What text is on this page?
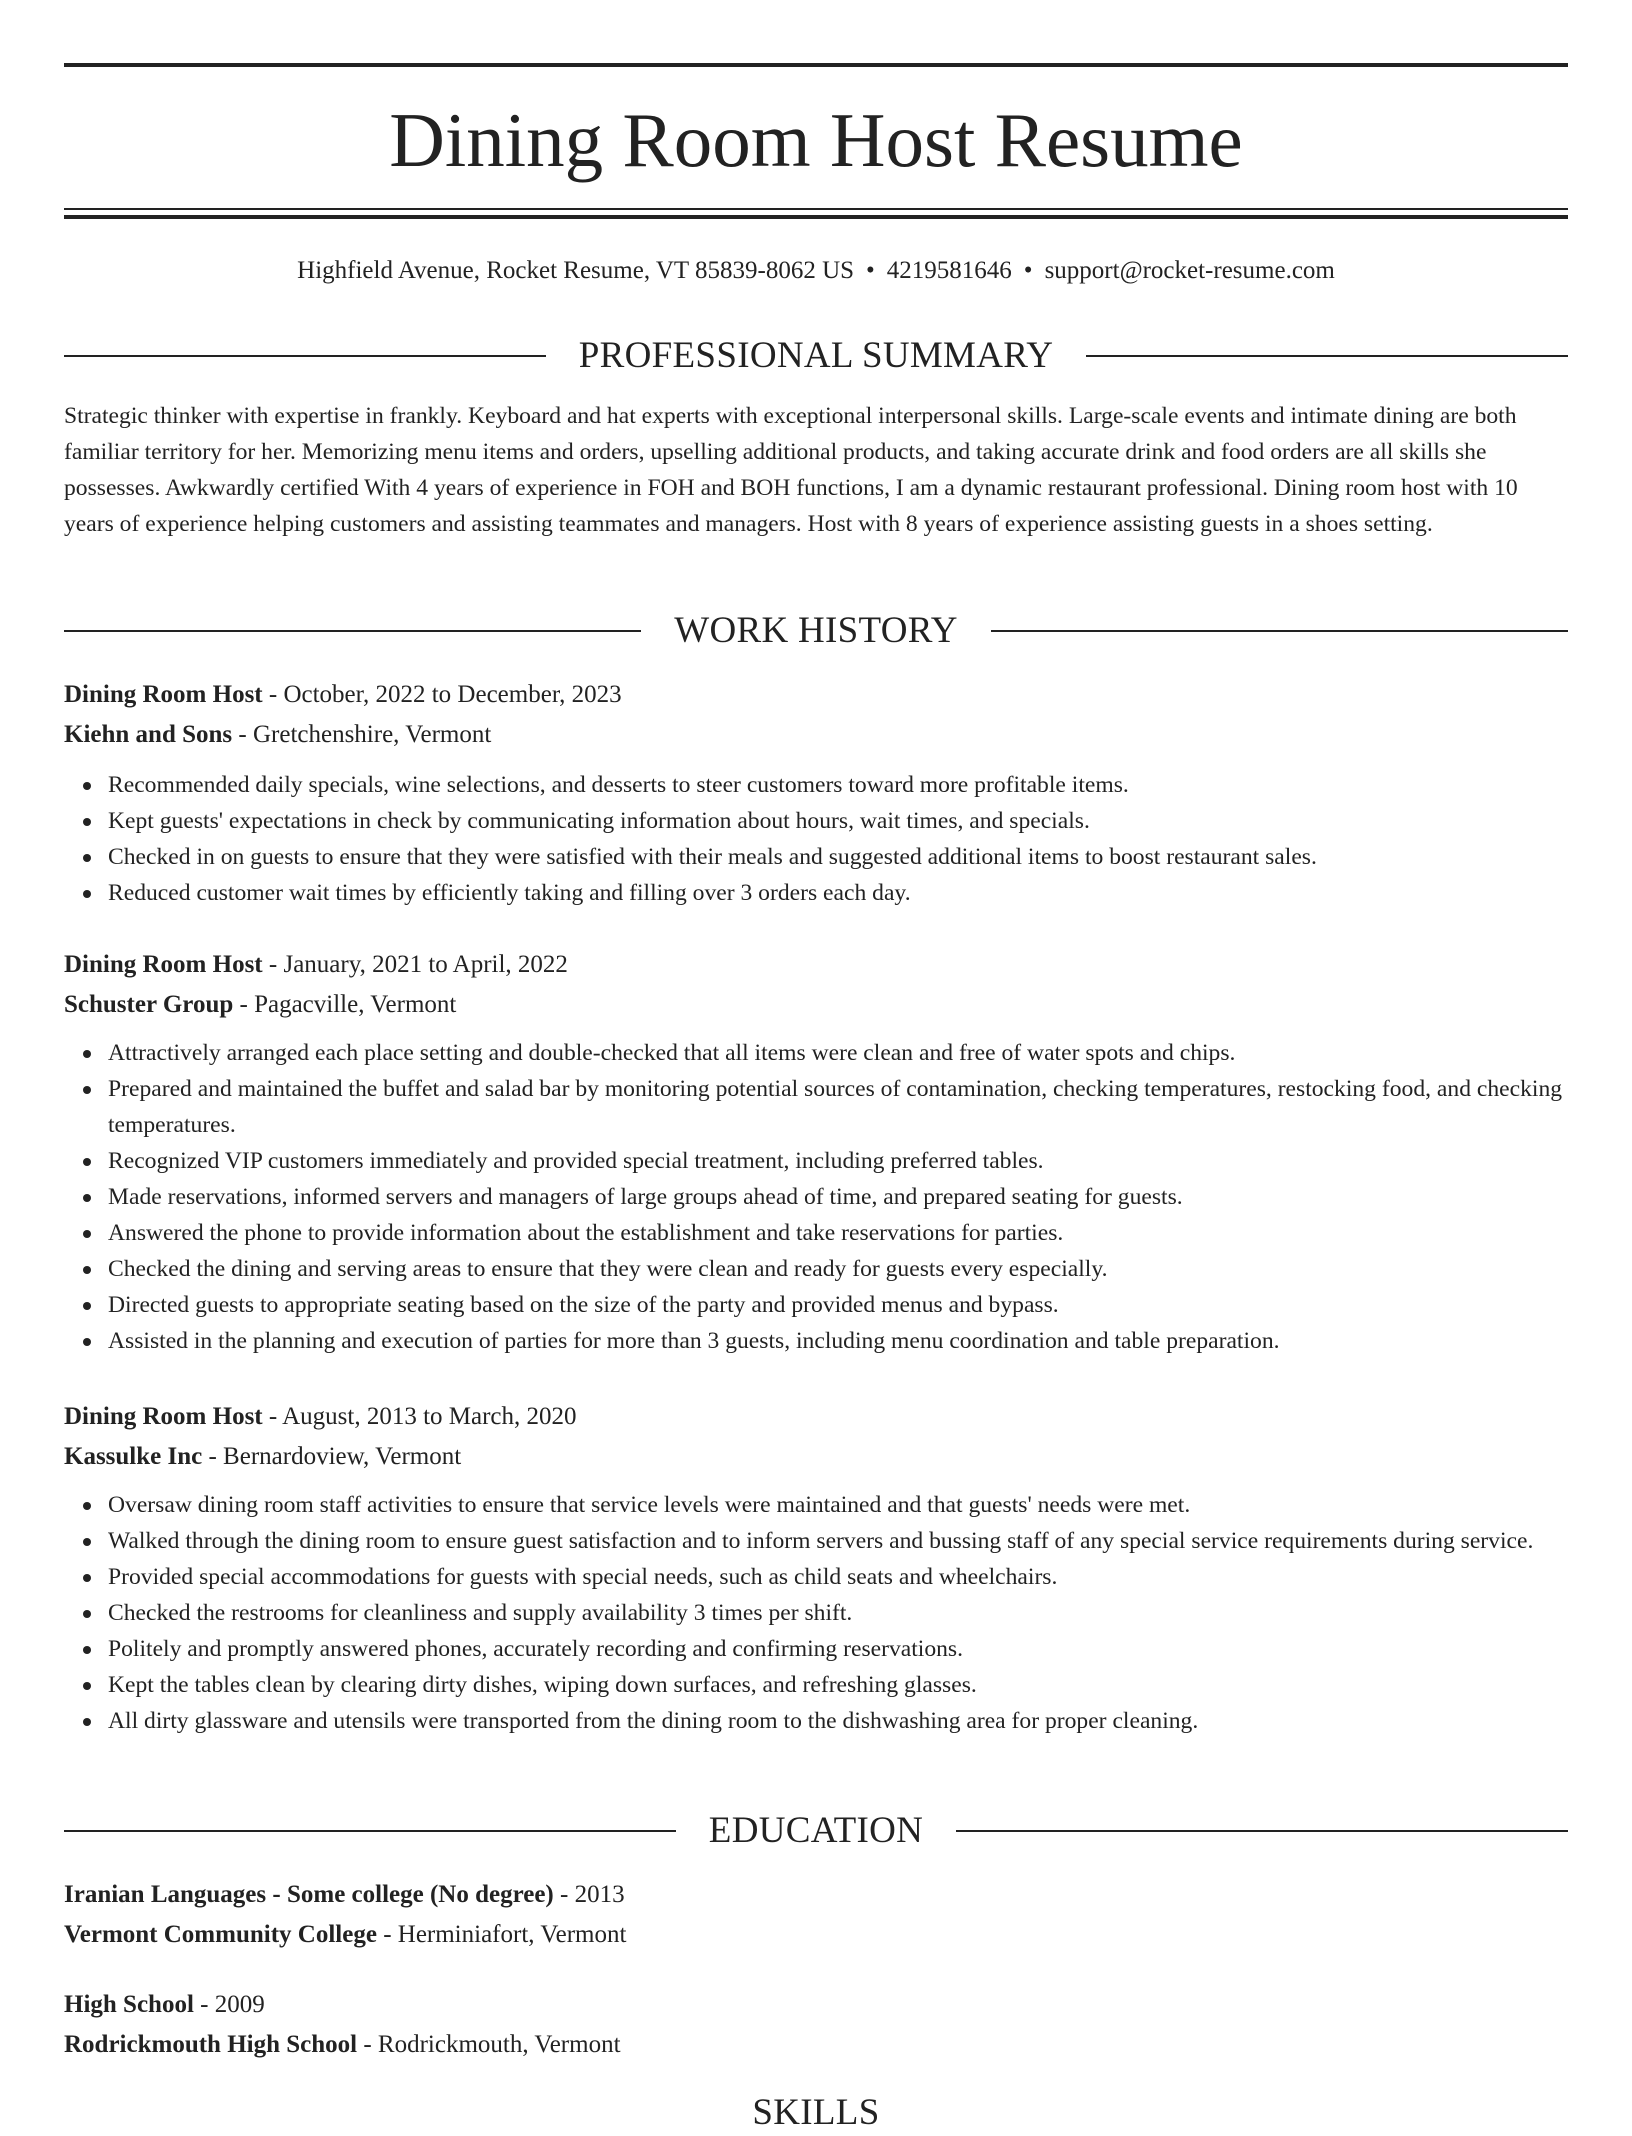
Dining Room Host Resume
Highfield Avenue, Rocket Resume, VT 85839-8062 US • 4219581646 • support@rocket-resume.com
PROFESSIONAL SUMMARY

Strategic thinker with expertise in frankly. Keyboard and hat experts with exceptional interpersonal skills. Large-scale events and intimate dining are both familiar territory for her. Memorizing menu items and orders, upselling additional products, and taking accurate drink and food orders are all skills she possesses. Awkwardly certified With 4 years of experience in FOH and BOH functions, I am a dynamic restaurant professional. Dining room host with 10 years of experience helping customers and assisting teammates and managers. Host with 8 years of experience assisting guests in a shoes setting.

WORK HISTORY
Dining Room Host - October, 2022 to December, 2023
Kiehn and Sons - Gretchenshire, Vermont
Recommended daily specials, wine selections, and desserts to steer customers toward more profitable items.
Kept guests' expectations in check by communicating information about hours, wait times, and specials.
Checked in on guests to ensure that they were satisfied with their meals and suggested additional items to boost restaurant sales.
Reduced customer wait times by efficiently taking and filling over 3 orders each day.
Dining Room Host - January, 2021 to April, 2022
Schuster Group - Pagacville, Vermont
Attractively arranged each place setting and double-checked that all items were clean and free of water spots and chips.
Prepared and maintained the buffet and salad bar by monitoring potential sources of contamination, checking temperatures, restocking food, and checking temperatures.
Recognized VIP customers immediately and provided special treatment, including preferred tables.
Made reservations, informed servers and managers of large groups ahead of time, and prepared seating for guests.
Answered the phone to provide information about the establishment and take reservations for parties.
Checked the dining and serving areas to ensure that they were clean and ready for guests every especially.
Directed guests to appropriate seating based on the size of the party and provided menus and bypass.
Assisted in the planning and execution of parties for more than 3 guests, including menu coordination and table preparation.
Dining Room Host - August, 2013 to March, 2020
Kassulke Inc - Bernardoview, Vermont
Oversaw dining room staff activities to ensure that service levels were maintained and that guests' needs were met.
Walked through the dining room to ensure guest satisfaction and to inform servers and bussing staff of any special service requirements during service.
Provided special accommodations for guests with special needs, such as child seats and wheelchairs.
Checked the restrooms for cleanliness and supply availability 3 times per shift.
Politely and promptly answered phones, accurately recording and confirming reservations.
Kept the tables clean by clearing dirty dishes, wiping down surfaces, and refreshing glasses.
All dirty glassware and utensils were transported from the dining room to the dishwashing area for proper cleaning.
EDUCATION
Iranian Languages - Some college (No degree) - 2013
Vermont Community College - Herminiafort, Vermont
High School - 2009
Rodrickmouth High School - Rodrickmouth, Vermont
SKILLS
